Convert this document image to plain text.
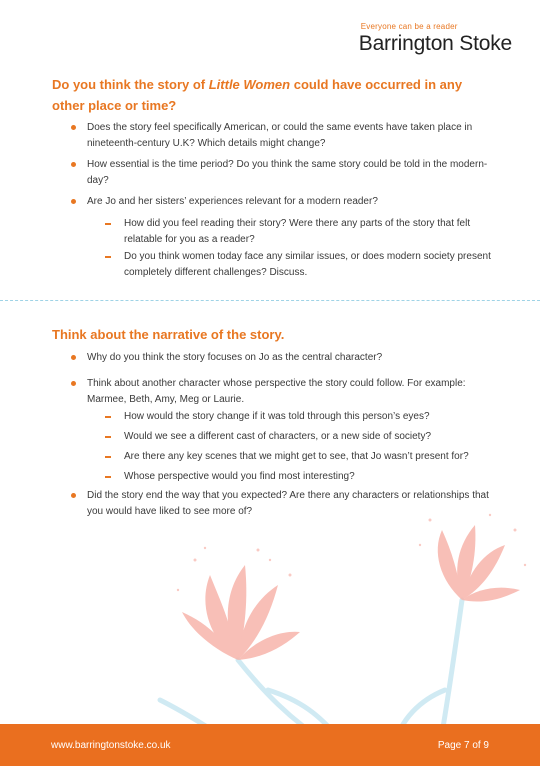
Everyone can be a reader
Barrington Stoke
Do you think the story of Little Women could have occurred in any other place or time?
Does the story feel specifically American, or could the same events have taken place in nineteenth-century U.K? Which details might change?
How essential is the time period? Do you think the same story could be told in the modern-day?
Are Jo and her sisters’ experiences relevant for a modern reader?
How did you feel reading their story? Were there any parts of the story that felt relatable for you as a reader?
Do you think women today face any similar issues, or does modern society present completely different challenges? Discuss.
Think about the narrative of the story.
Why do you think the story focuses on Jo as the central character?
Think about another character whose perspective the story could follow. For example: Marmee, Beth, Amy, Meg or Laurie.
How would the story change if it was told through this person’s eyes?
Would we see a different cast of characters, or a new side of society?
Are there any key scenes that we might get to see, that Jo wasn’t present for?
Whose perspective would you find most interesting?
Did the story end the way that you expected? Are there any characters or relationships that you would have liked to see more of?
www.barringtonstoke.co.uk	Page 7 of 9
